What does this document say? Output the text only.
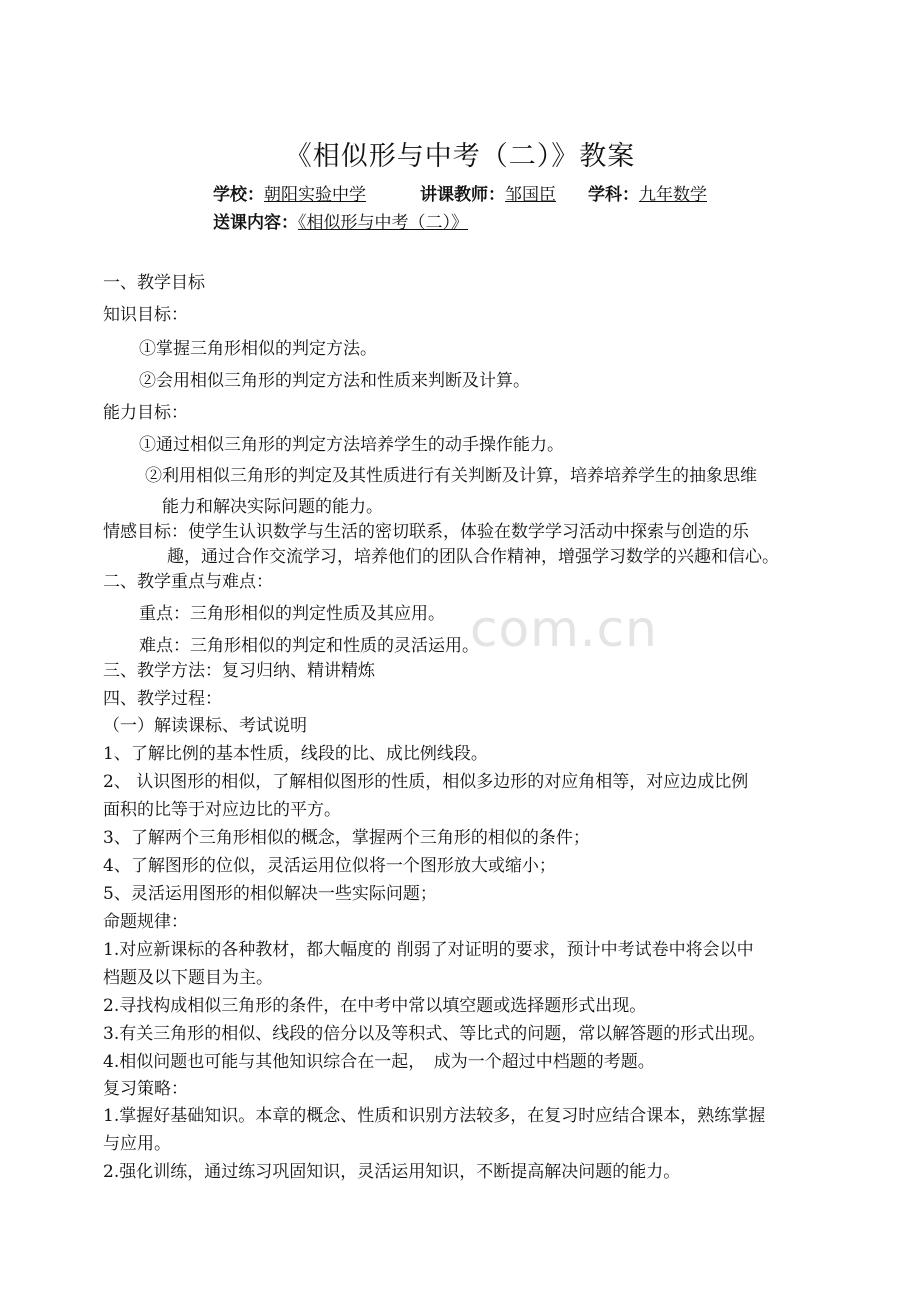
com.cn
《相似形与中考（二）》教案
学校：朝阳实验中学	讲课教师：邹国臣 学科：九年数学
送课内容：《相似形与中考（二）》
一、教学目标
知识目标：
①掌握三角形相似的判定方法。
②会用相似三角形的判定方法和性质来判断及计算。
能力目标：
①通过相似三角形的判定方法培养学生的动手操作能力。
②利用相似三角形的判定及其性质进行有关判断及计算，培养培养学生的抽象思维
能力和解决实际问题的能力。
情感目标：使学生认识数学与生活的密切联系，体验在数学学习活动中探索与创造的乐
趣，通过合作交流学习，培养他们的团队合作精神，增强学习数学的兴趣和信心。
二、教学重点与难点：
重点：三角形相似的判定性质及其应用。
难点：三角形相似的判定和性质的灵活运用。
三、教学方法：复习归纳、精讲精炼
四、教学过程：
（一）解读课标、考试说明
1、了解比例的基本性质，线段的比、成比例线段。
2、 认识图形的相似，了解相似图形的性质，相似多边形的对应角相等，对应边成比例
面积的比等于对应边比的平方。
3、了解两个三角形相似的概念，掌握两个三角形的相似的条件；
4、了解图形的位似，灵活运用位似将一个图形放大或缩小；
5、灵活运用图形的相似解决一些实际问题；
命题规律：
1.对应新课标的各种教材，都大幅度的 削弱了对证明的要求，预计中考试卷中将会以中
档题及以下题目为主。
2.寻找构成相似三角形的条件，在中考中常以填空题或选择题形式出现。
3.有关三角形的相似、线段的倍分以及等积式、等比式的问题，常以解答题的形式出现。
4.相似问题也可能与其他知识综合在一起，　成为一个超过中档题的考题。
复习策略：
1.掌握好基础知识。本章的概念、性质和识别方法较多，在复习时应结合课本，熟练掌握
与应用。
2.强化训练，通过练习巩固知识，灵活运用知识，不断提高解决问题的能力。
